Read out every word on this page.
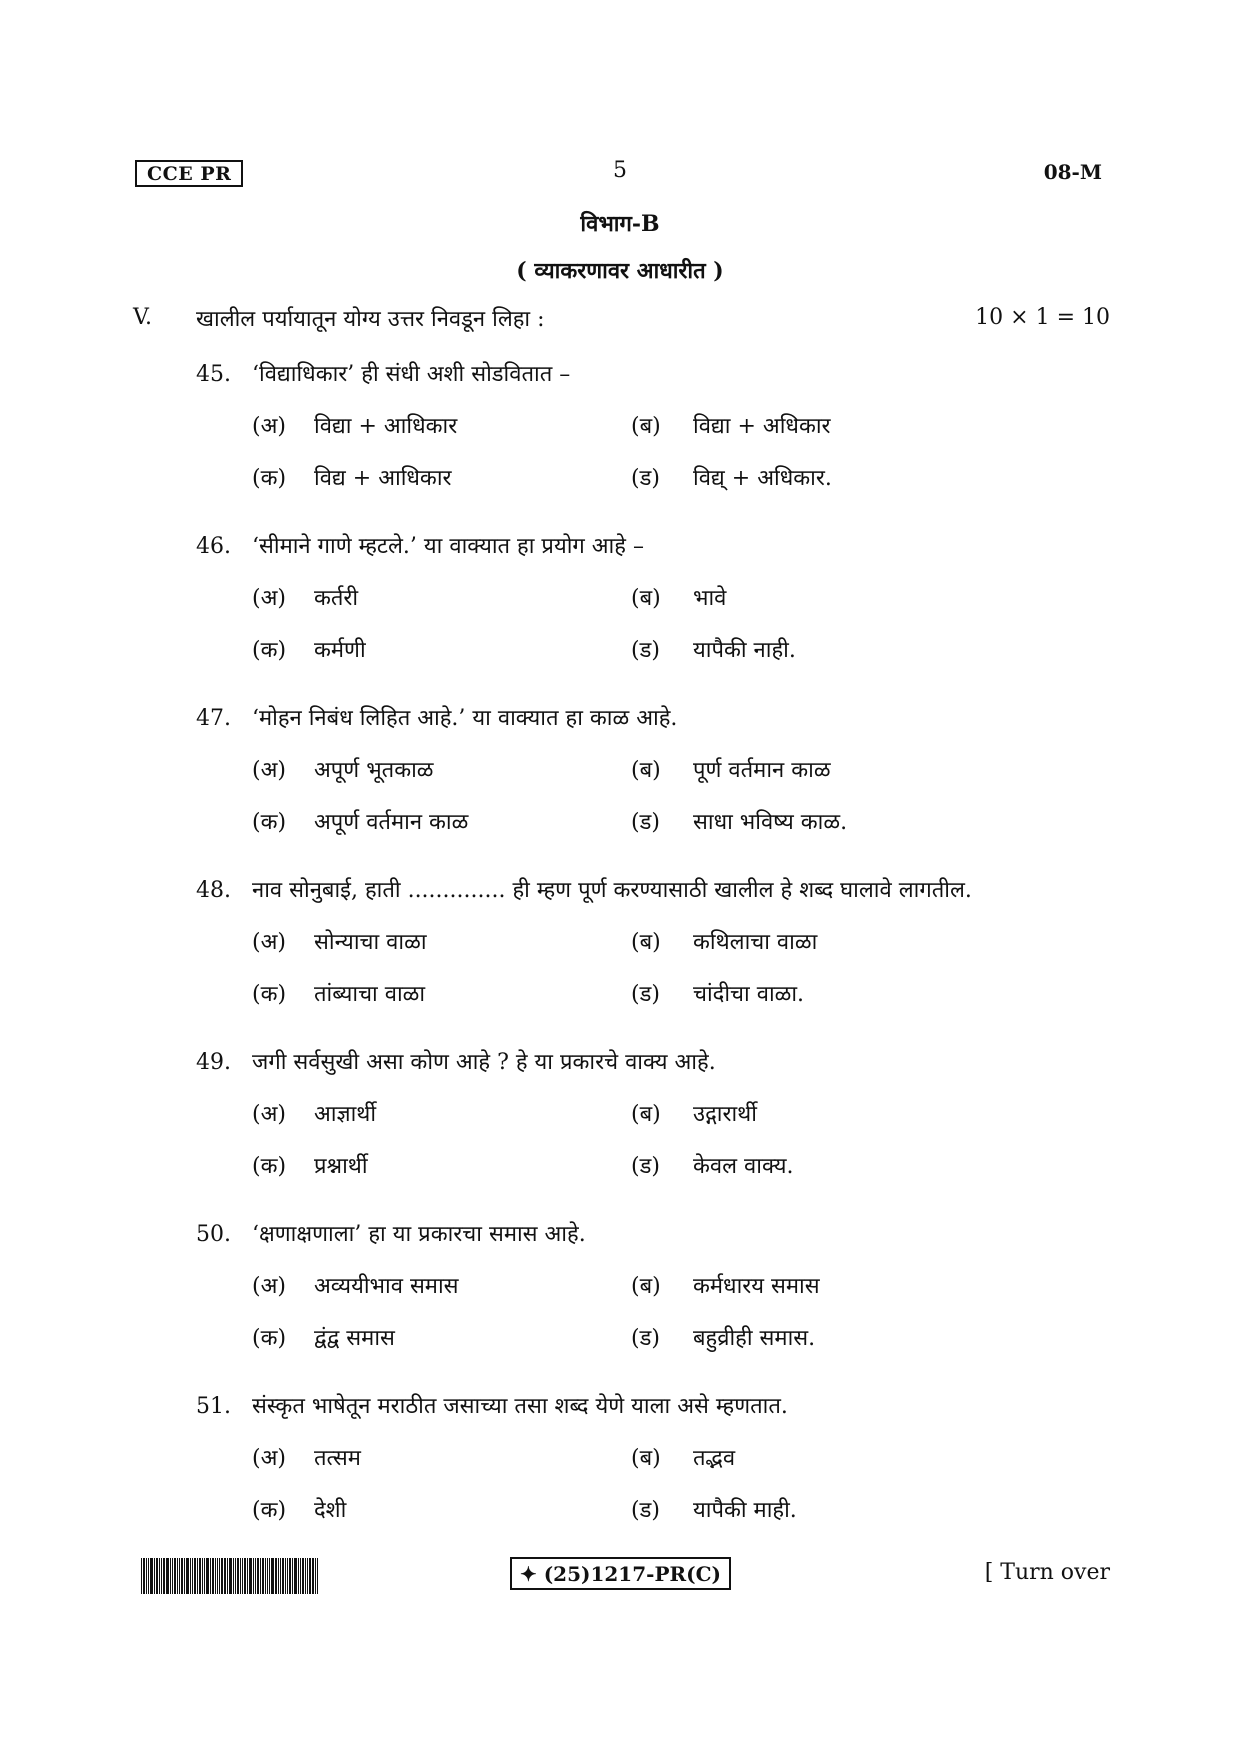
CCE PR	5	08-M
विभाग-B
( व्याकरणावर आधारीत )
V. खालील पर्यायातून योग्य उत्तर निवडून लिहा :	10 × 1 = 10
45. ‘विद्याधिकार’ ही संधी अशी सोडवितात –
(अ) विद्या + आधिकार	(ब) विद्या + अधिकार
(क) विद्य + आधिकार	(ड) विद्य् + अधिकार.
46. ‘सीमाने गाणे म्हटले.’ या वाक्यात हा प्रयोग आहे –
(अ) कर्तरी	(ब) भावे
(क) कर्मणी	(ड) यापैकी नाही.
47. ‘मोहन निबंध लिहित आहे.’ या वाक्यात हा काळ आहे.
(अ) अपूर्ण भूतकाळ	(ब) पूर्ण वर्तमान काळ
(क) अपूर्ण वर्तमान काळ	(ड) साधा भविष्य काळ.
48. नाव सोनुबाई, हाती .............. ही म्हण पूर्ण करण्यासाठी खालील हे शब्द घालावे लागतील.
(अ) सोन्याचा वाळा	(ब) कथिलाचा वाळा
(क) तांब्याचा वाळा	(ड) चांदीचा वाळा.
49. जगी सर्वसुखी असा कोण आहे ? हे या प्रकारचे वाक्य आहे.
(अ) आज्ञार्थी	(ब) उद्गारार्थी
(क) प्रश्नार्थी	(ड) केवल वाक्य.
50. ‘क्षणाक्षणाला’ हा या प्रकारचा समास आहे.
(अ) अव्ययीभाव समास	(ब) कर्मधारय समास
(क) द्वंद्व समास	(ड) बहुव्रीही समास.
51. संस्कृत भाषेतून मराठीत जसाच्या तसा शब्द येणे याला असे म्हणतात.
(अ) तत्सम	(ब) तद्भव
(क) देशी	(ड) यापैकी माही.
✦ (25)1217-PR(C)	[ Turn over
